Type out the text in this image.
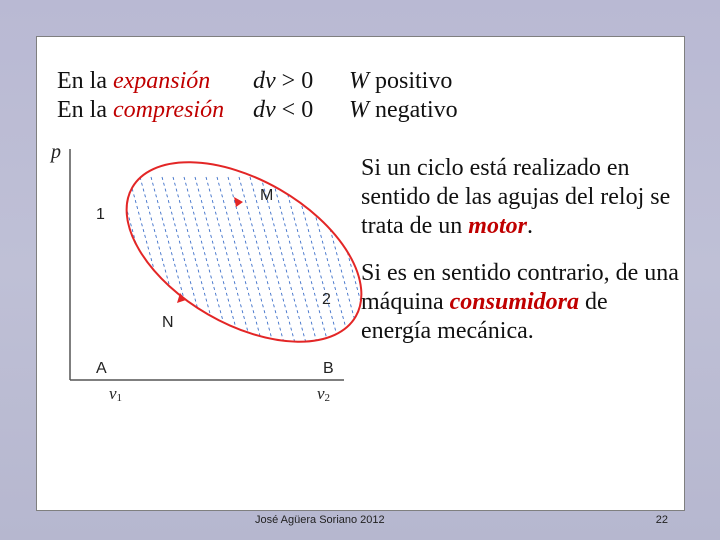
En la expansión dv > 0 W positivo
En la compresión dv < 0 W negativo
p
1
M
2
N
A	B
v1	v2
Si un ciclo está realizado en sentido de las agujas del reloj se trata de un motor.
Si es en sentido contrario, de una máquina consumidora de energía mecánica.
José Agüera Soriano 2012	22
